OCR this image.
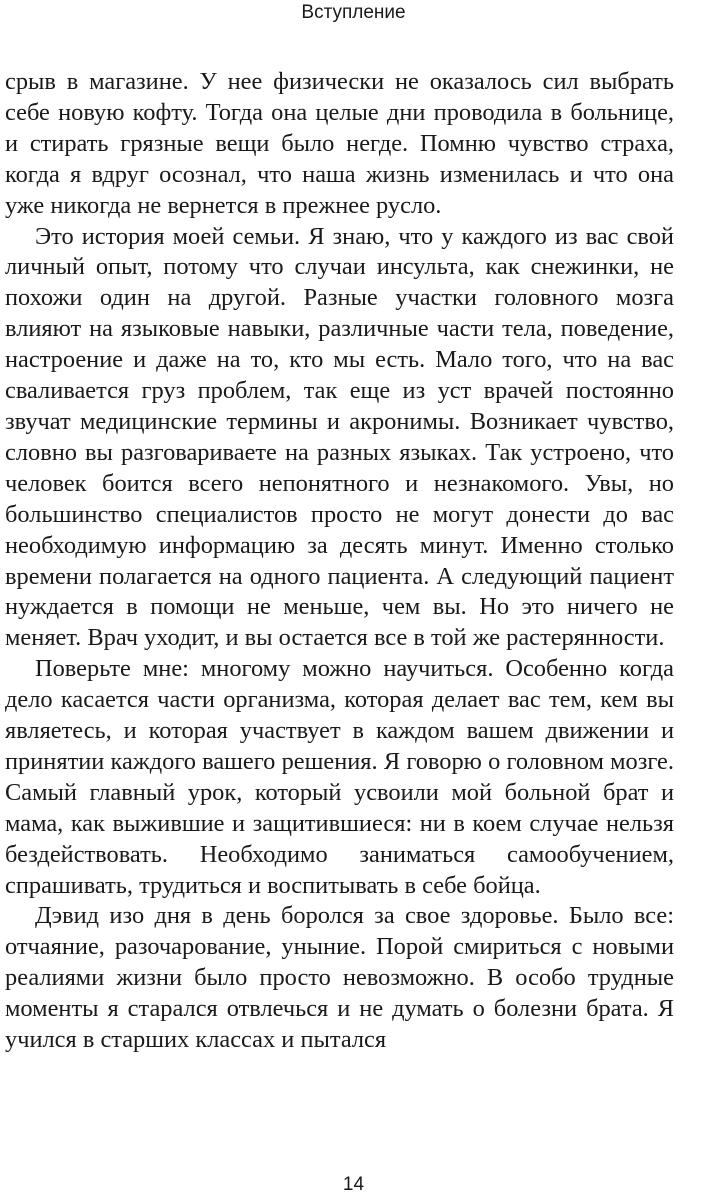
Вступление

срыв в магазине. У нее физически не оказалось сил выбрать себе новую кофту. Тогда она целые дни проводила в больнице, и стирать грязные вещи было негде. Помню чувство страха, когда я вдруг осознал, что наша жизнь изменилась и что она уже никогда не вернется в прежнее русло.

Это история моей семьи. Я знаю, что у каждого из вас свой личный опыт, потому что случаи инсульта, как снежинки, не похожи один на другой. Разные участки головного мозга влияют на языковые навыки, различные части тела, поведение, настроение и даже на то, кто мы есть. Мало того, что на вас сваливается груз проблем, так еще из уст врачей постоянно звучат медицинские термины и акронимы. Возникает чувство, словно вы разговариваете на разных языках. Так устроено, что человек боится всего непонятного и незнакомого. Увы, но большинство специалистов просто не могут донести до вас необходимую информацию за десять минут. Именно столько времени полагается на одного пациента. А следующий пациент нуждается в помощи не меньше, чем вы. Но это ничего не меняет. Врач уходит, и вы остается все в той же растерянности.

Поверьте мне: многому можно научиться. Особенно когда дело касается части организма, которая делает вас тем, кем вы являетесь, и которая участвует в каждом вашем движении и принятии каждого вашего решения. Я говорю о головном мозге. Самый главный урок, который усвоили мой больной брат и мама, как выжившие и защитившиеся: ни в коем случае нельзя бездействовать. Необходимо заниматься самообучением, спрашивать, трудиться и воспитывать в себе бойца.

Дэвид изо дня в день боролся за свое здоровье. Было все: отчаяние, разочарование, уныние. Порой смириться с новыми реалиями жизни было просто невозможно. В особо трудные моменты я старался отвлечься и не думать о болезни брата. Я учился в старших классах и пытался

14
